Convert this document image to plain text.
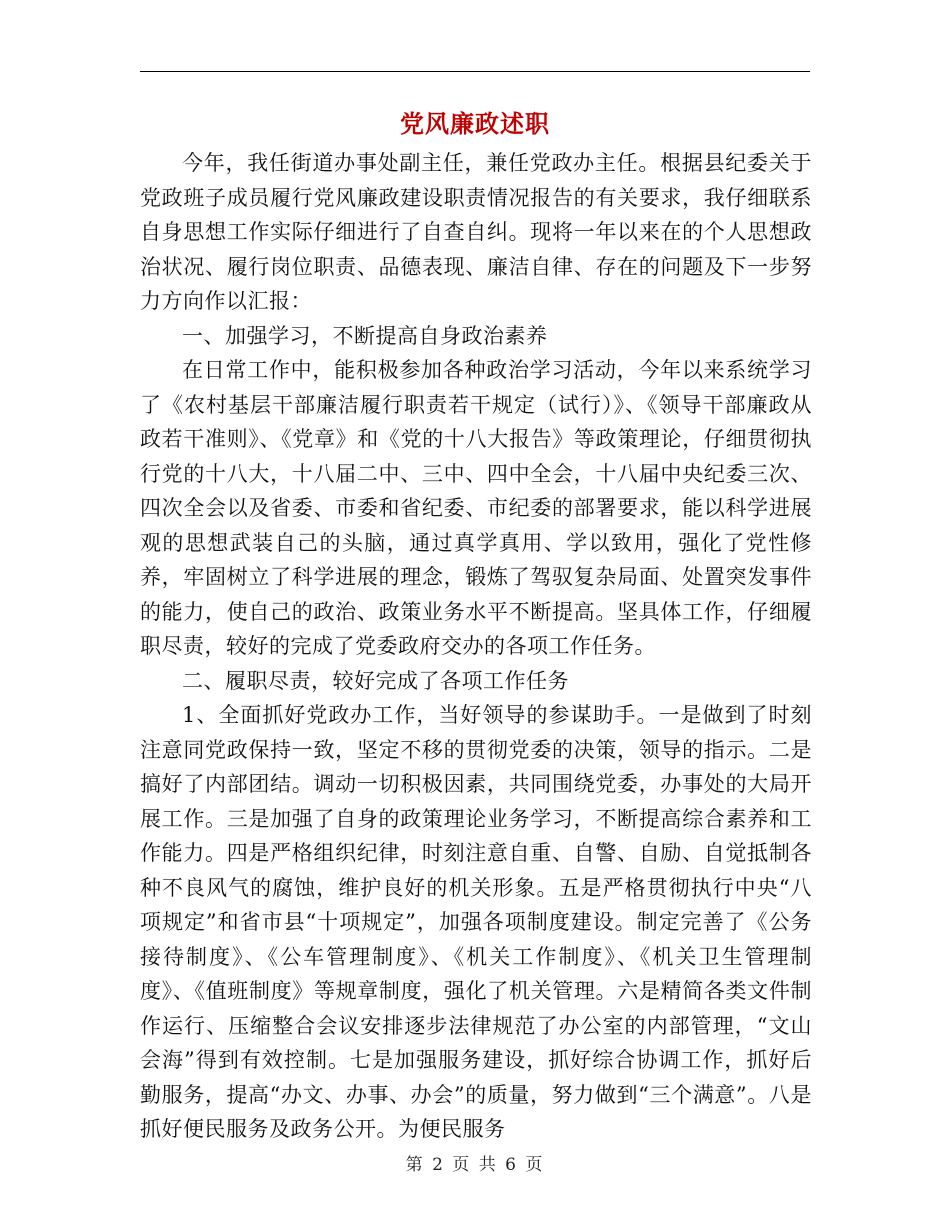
党风廉政述职

今年，我任街道办事处副主任，兼任党政办主任。根据县纪委关于党政班子成员履行党风廉政建设职责情况报告的有关要求，我仔细联系自身思想工作实际仔细进行了自查自纠。现将一年以来在的个人思想政治状况、履行岗位职责、品德表现、廉洁自律、存在的问题及下一步努力方向作以汇报：

一、加强学习，不断提高自身政治素养

在日常工作中，能积极参加各种政治学习活动，今年以来系统学习了《农村基层干部廉洁履行职责若干规定（试行）》、《领导干部廉政从政若干准则》、《党章》和《党的十八大报告》等政策理论，仔细贯彻执行党的十八大，十八届二中、三中、四中全会，十八届中央纪委三次、四次全会以及省委、市委和省纪委、市纪委的部署要求，能以科学进展观的思想武装自己的头脑，通过真学真用、学以致用，强化了党性修养，牢固树立了科学进展的理念，锻炼了驾驭复杂局面、处置突发事件的能力，使自己的政治、政策业务水平不断提高。坚具体工作，仔细履职尽责，较好的完成了党委政府交办的各项工作任务。

二、履职尽责，较好完成了各项工作任务

1、全面抓好党政办工作，当好领导的参谋助手。一是做到了时刻注意同党政保持一致，坚定不移的贯彻党委的决策，领导的指示。二是搞好了内部团结。调动一切积极因素，共同围绕党委，办事处的大局开展工作。三是加强了自身的政策理论业务学习，不断提高综合素养和工作能力。四是严格组织纪律，时刻注意自重、自警、自励、自觉抵制各种不良风气的腐蚀，维护良好的机关形象。五是严格贯彻执行中央“八项规定”和省市县“十项规定”，加强各项制度建设。制定完善了《公务接待制度》、《公车管理制度》、《机关工作制度》、《机关卫生管理制度》、《值班制度》等规章制度，强化了机关管理。六是精简各类文件制作运行、压缩整合会议安排逐步法律规范了办公室的内部管理，“文山会海”得到有效控制。七是加强服务建设，抓好综合协调工作，抓好后勤服务，提高“办文、办事、办会”的质量，努力做到“三个满意”。八是抓好便民服务及政务公开。为便民服务

第 2 页 共 6 页
